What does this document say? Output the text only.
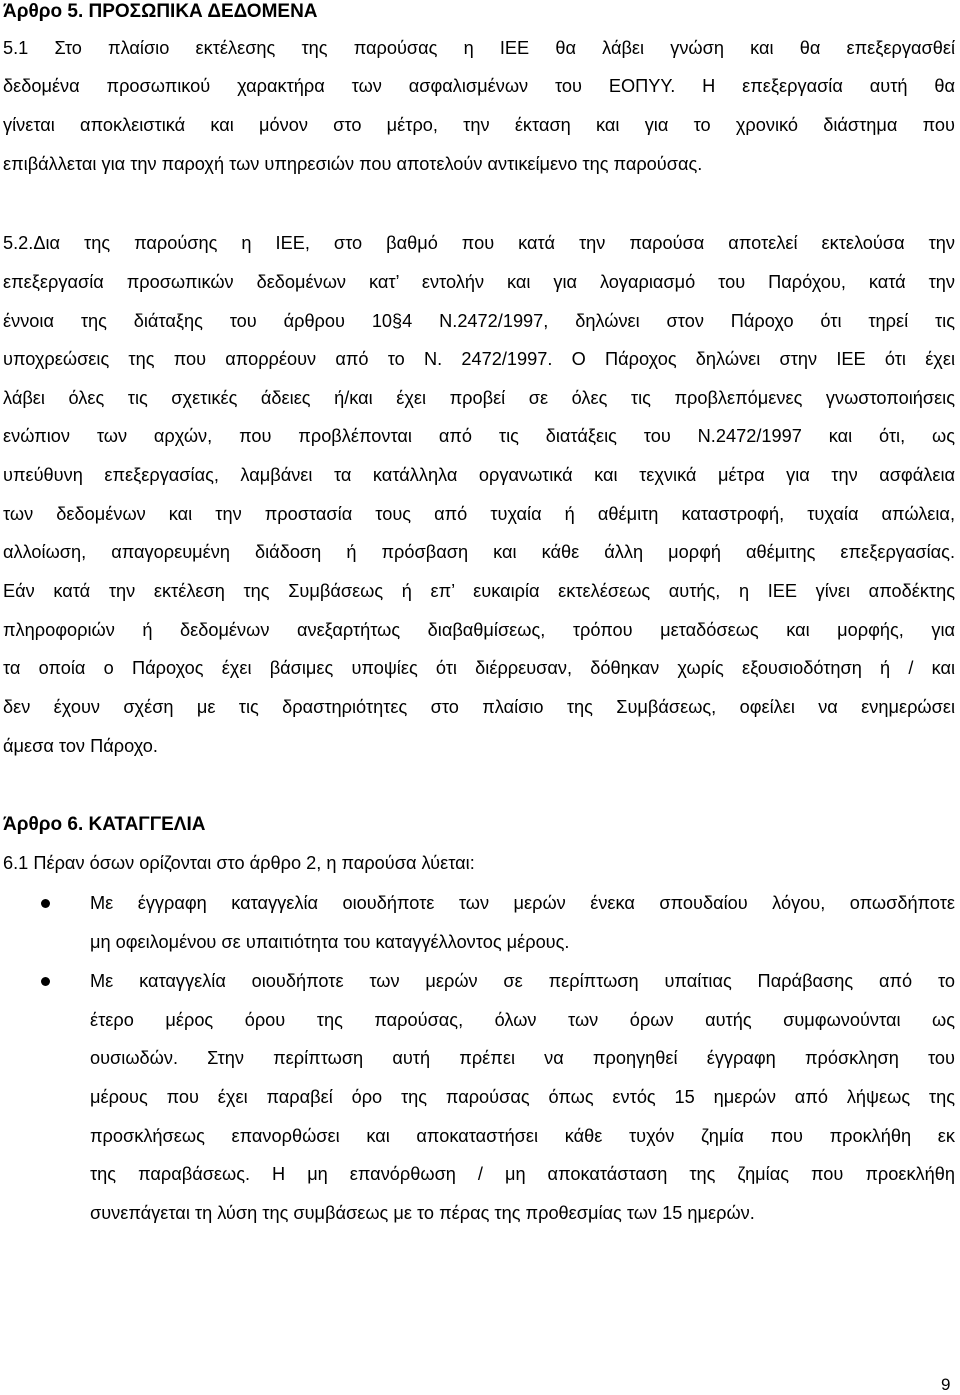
Άρθρο 5. ΠΡΟΣΩΠΙΚΑ ΔΕΔΟΜΕΝΑ
5.1 Στο πλαίσιο εκτέλεσης της παρούσας η ΙΕΕ θα λάβει γνώση και θα επεξεργασθεί
δεδομένα προσωπικού χαρακτήρα των ασφαλισμένων του ΕΟΠΥΥ. Η επεξεργασία αυτή θα
γίνεται αποκλειστικά και μόνον στο μέτρο, την έκταση και για το χρονικό διάστημα που
επιβάλλεται για την παροχή των υπηρεσιών που αποτελούν αντικείμενο της παρούσας.
5.2.Δια της παρούσης η ΙΕΕ, στο βαθμό που κατά την παρούσα αποτελεί εκτελούσα την
επεξεργασία προσωπικών δεδομένων κατ’ εντολήν και για λογαριασμό του Παρόχου, κατά την
έννοια της διάταξης του άρθρου 10§4 Ν.2472/1997, δηλώνει στον Πάροχο ότι τηρεί τις
υποχρεώσεις της που απορρέουν από το Ν. 2472/1997. Ο Πάροχος δηλώνει στην ΙΕΕ ότι έχει
λάβει όλες τις σχετικές άδειες ή/και έχει προβεί σε όλες τις προβλεπόμενες γνωστοποιήσεις
ενώπιον των αρχών, που προβλέπονται από τις διατάξεις του Ν.2472/1997 και ότι, ως
υπεύθυνη επεξεργασίας, λαμβάνει τα κατάλληλα οργανωτικά και τεχνικά μέτρα για την ασφάλεια
των δεδομένων και την προστασία τους από τυχαία ή αθέμιτη καταστροφή, τυχαία απώλεια,
αλλοίωση, απαγορευμένη διάδοση ή πρόσβαση και κάθε άλλη μορφή αθέμιτης επεξεργασίας.
Εάν κατά την εκτέλεση της Συμβάσεως ή επ’ ευκαιρία εκτελέσεως αυτής, η ΙΕΕ γίνει αποδέκτης
πληροφοριών ή δεδομένων ανεξαρτήτως διαβαθμίσεως, τρόπου μεταδόσεως και μορφής, για
τα οποία ο Πάροχος έχει βάσιμες υποψίες ότι διέρρευσαν, δόθηκαν χωρίς εξουσιοδότηση ή / και
δεν έχουν σχέση με τις δραστηριότητες στο πλαίσιο της Συμβάσεως, οφείλει να ενημερώσει
άμεσα τον Πάροχο.
Άρθρο 6. ΚΑΤΑΓΓΕΛΙΑ
6.1 Πέραν όσων ορίζονται στο άρθρο 2, η παρούσα λύεται:
Με έγγραφη καταγγελία οιουδήποτε των μερών ένεκα σπουδαίου λόγου, οπωσδήποτε
μη οφειλομένου σε υπαιτιότητα του καταγγέλλοντος μέρους.
Με καταγγελία οιουδήποτε των μερών σε περίπτωση υπαίτιας Παράβασης από το
έτερο μέρος όρου της παρούσας, όλων των όρων αυτής συμφωνούνται ως
ουσιωδών. Στην περίπτωση αυτή πρέπει να προηγηθεί έγγραφη πρόσκληση του
μέρους που έχει παραβεί όρο της παρούσας όπως εντός 15 ημερών από λήψεως της
προσκλήσεως επανορθώσει και αποκαταστήσει κάθε τυχόν ζημία που προκλήθη εκ
της παραβάσεως. Η μη επανόρθωση / μη αποκατάσταση της ζημίας που προεκλήθη
συνεπάγεται τη λύση της συμβάσεως με το πέρας της προθεσμίας των 15 ημερών.
9
